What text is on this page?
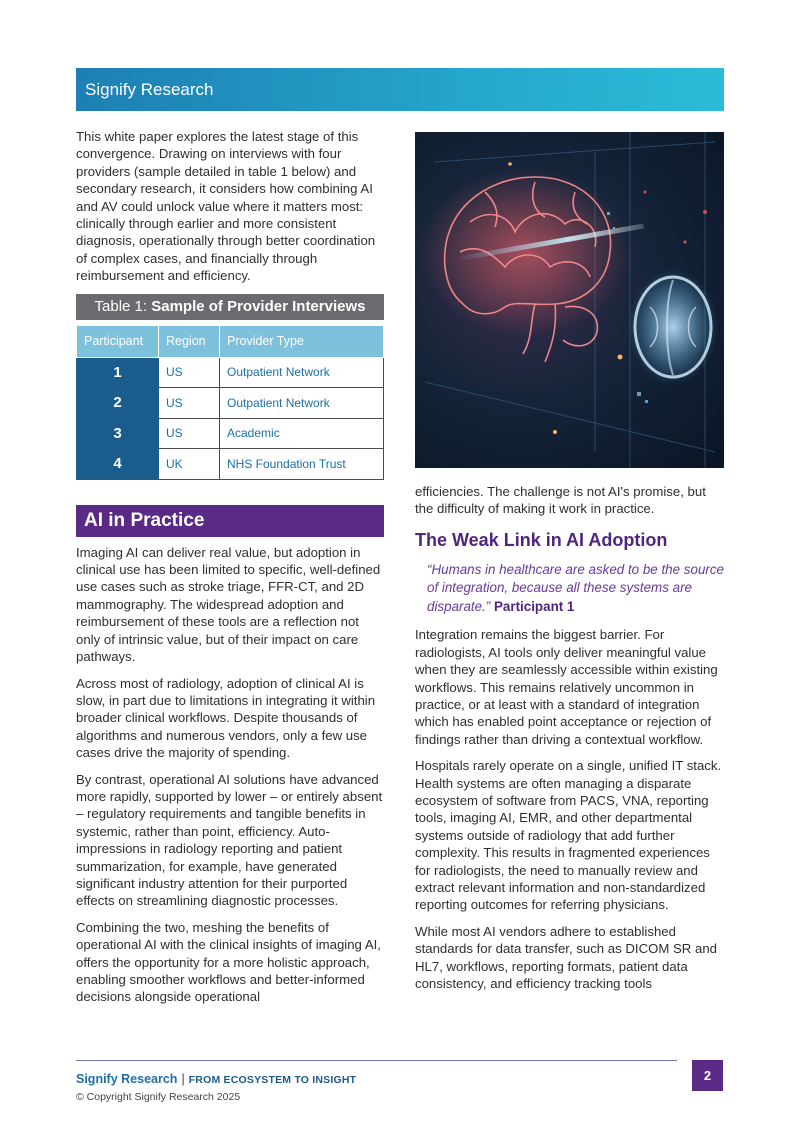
Signify Research

This white paper explores the latest stage of this convergence. Drawing on interviews with four providers (sample detailed in table 1 below) and secondary research, it considers how combining AI and AV could unlock value where it matters most: clinically through earlier and more consistent diagnosis, operationally through better coordination of complex cases, and financially through reimbursement and efficiency.

Table 1: Sample of Provider Interviews
Participant	Region	Provider Type
1	US	Outpatient Network
2	US	Outpatient Network
3	US	Academic
4	UK	NHS Foundation Trust
AI in Practice

Imaging AI can deliver real value, but adoption in clinical use has been limited to specific, well-defined use cases such as stroke triage, FFR-CT, and 2D mammography. The widespread adoption and reimbursement of these tools are a reflection not only of intrinsic value, but of their impact on care pathways.

Across most of radiology, adoption of clinical AI is slow, in part due to limitations in integrating it within broader clinical workflows. Despite thousands of algorithms and numerous vendors, only a few use cases drive the majority of spending.

By contrast, operational AI solutions have advanced more rapidly, supported by lower – or entirely absent – regulatory requirements and tangible benefits in systemic, rather than point, efficiency. Auto-impressions in radiology reporting and patient summarization, for example, have generated significant industry attention for their purported effects on streamlining diagnostic processes.

Combining the two, meshing the benefits of operational AI with the clinical insights of imaging AI, offers the opportunity for a more holistic approach, enabling smoother workflows and better-informed decisions alongside operational

efficiencies. The challenge is not AI's promise, but the difficulty of making it work in practice.

The Weak Link in AI Adoption
“Humans in healthcare are asked to be the source of integration, because all these systems are disparate.” Participant 1

Integration remains the biggest barrier. For radiologists, AI tools only deliver meaningful value when they are seamlessly accessible within existing workflows. This remains relatively uncommon in practice, or at least with a standard of integration which has enabled point acceptance or rejection of findings rather than driving a contextual workflow.

Hospitals rarely operate on a single, unified IT stack. Health systems are often managing a disparate ecosystem of software from PACS, VNA, reporting tools, imaging AI, EMR, and other departmental systems outside of radiology that add further complexity. This results in fragmented experiences for radiologists, the need to manually review and extract relevant information and non-standardized reporting outcomes for referring physicians.

While most AI vendors adhere to established standards for data transfer, such as DICOM SR and HL7, workflows, reporting formats, patient data consistency, and efficiency tracking tools

Signify Research | FROM ECOSYSTEM TO INSIGHT
© Copyright Signify Research 2025
2
